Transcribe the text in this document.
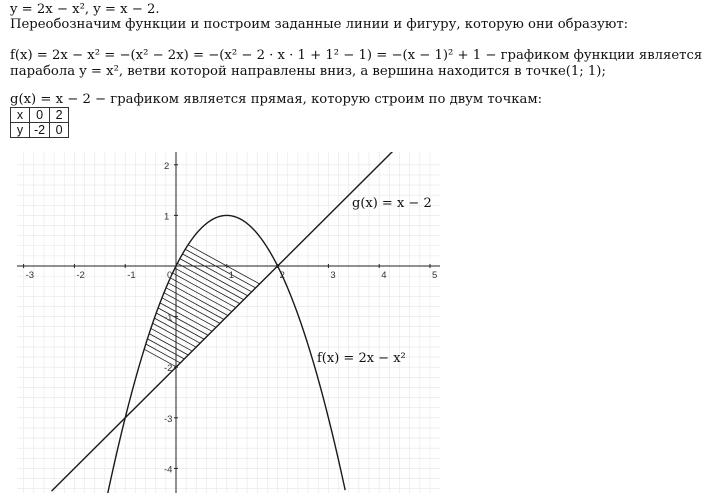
y = 2x − x², y = x − 2.
Переобозначим функции и построим заданные линии и фигуру, которую они образуют:
f(x) = 2x − x² = −(x² − 2x) = −(x² − 2 · x · 1 + 1² − 1) = −(x − 1)² + 1 − графиком функции является
парабола y = x², ветви которой направлены вниз, а вершина находится в точке(1; 1);
g(x) = x − 2 − графиком является прямая, которую строим по двум точкам:
x	0	2
y	-2	0
-3	-2	-1	0	1	2	3	4	5
-4
-3
-2
-1
1
2
g(x) = x − 2
f(x) = 2x − x²
